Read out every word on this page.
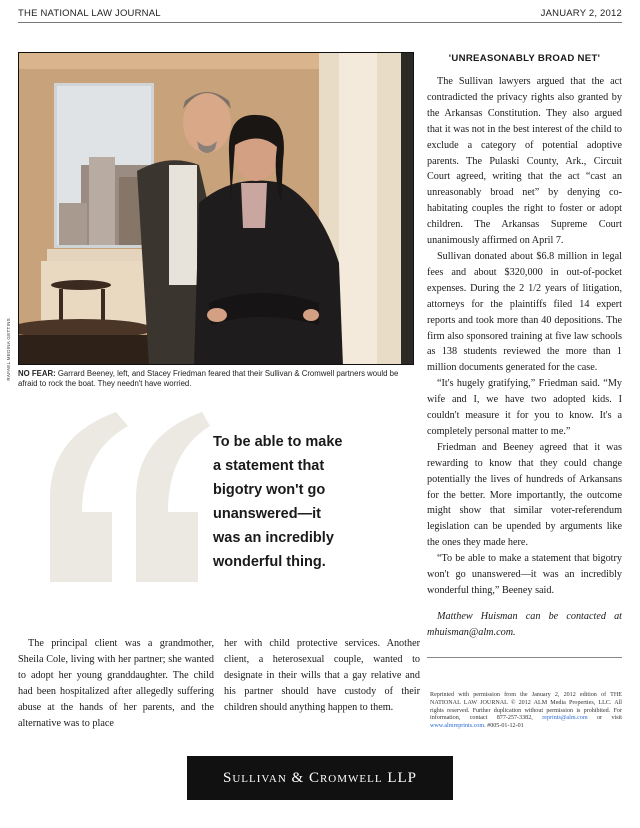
THE NATIONAL LAW JOURNAL	JANUARY 2, 2012
RAFAEL MEDINA GETTINS NO FEAR: Garrard Beeney, left, and Stacey Friedman feared that their Sullivan & Cromwell partners would be afraid to rock the boat. They needn't have worried.
To be able to make
a statement that
bigotry won't go
unanswered—it
was an incredibly
wonderful thing.
'UNREASONABLY BROAD NET'

The Sullivan lawyers argued that the act contradicted the privacy rights also granted by the Arkansas Constitution. They also argued that it was not in the best interest of the child to exclude a category of potential adoptive parents. The Pulaski County, Ark., Circuit Court agreed, writing that the act “cast an unreasonably broad net” by denying co-habitating couples the right to foster or adopt children. The Arkansas Supreme Court unanimously affirmed on April 7.

Sullivan donated about $6.8 million in legal fees and about $320,000 in out-of-pocket expenses. During the 2 1/2 years of litigation, attorneys for the plaintiffs filed 14 expert reports and took more than 40 depositions. The firm also sponsored training at five law schools as 138 students reviewed the more than 1 million documents generated for the case.

“It's hugely gratifying,” Friedman said. “My wife and I, we have two adopted kids. I couldn't measure it for you to know. It's a completely personal matter to me.”

Friedman and Beeney agreed that it was rewarding to know that they could change potentially the lives of hundreds of Arkansans for the better. More importantly, the outcome might show that similar voter-referendum legislation can be upended by arguments like the ones they made here.

“To be able to make a statement that bigotry won't go unanswered—it was an incredibly wonderful thing,” Beeney said.

Matthew Huisman can be contacted at mhuisman@alm.com.

Reprinted with permission from the January 2, 2012 edition of THE NATIONAL LAW JOURNAL © 2012 ALM Media Properties, LLC. All rights reserved. Further duplication without permission is prohibited. For information, contact 877-257-3382, reprints@alm.com or visit www.almreprints.com. #005-01-12-01

The principal client was a grandmother, Sheila Cole, living with her partner; she wanted to adopt her young granddaughter. The child had been hospitalized after allegedly suffering abuse at the hands of her parents, and the alternative was to place

her with child protective services. Another client, a heterosexual couple, wanted to designate in their wills that a gay relative and his partner should have custody of their children should anything happen to them.

Sullivan & Cromwell LLP
